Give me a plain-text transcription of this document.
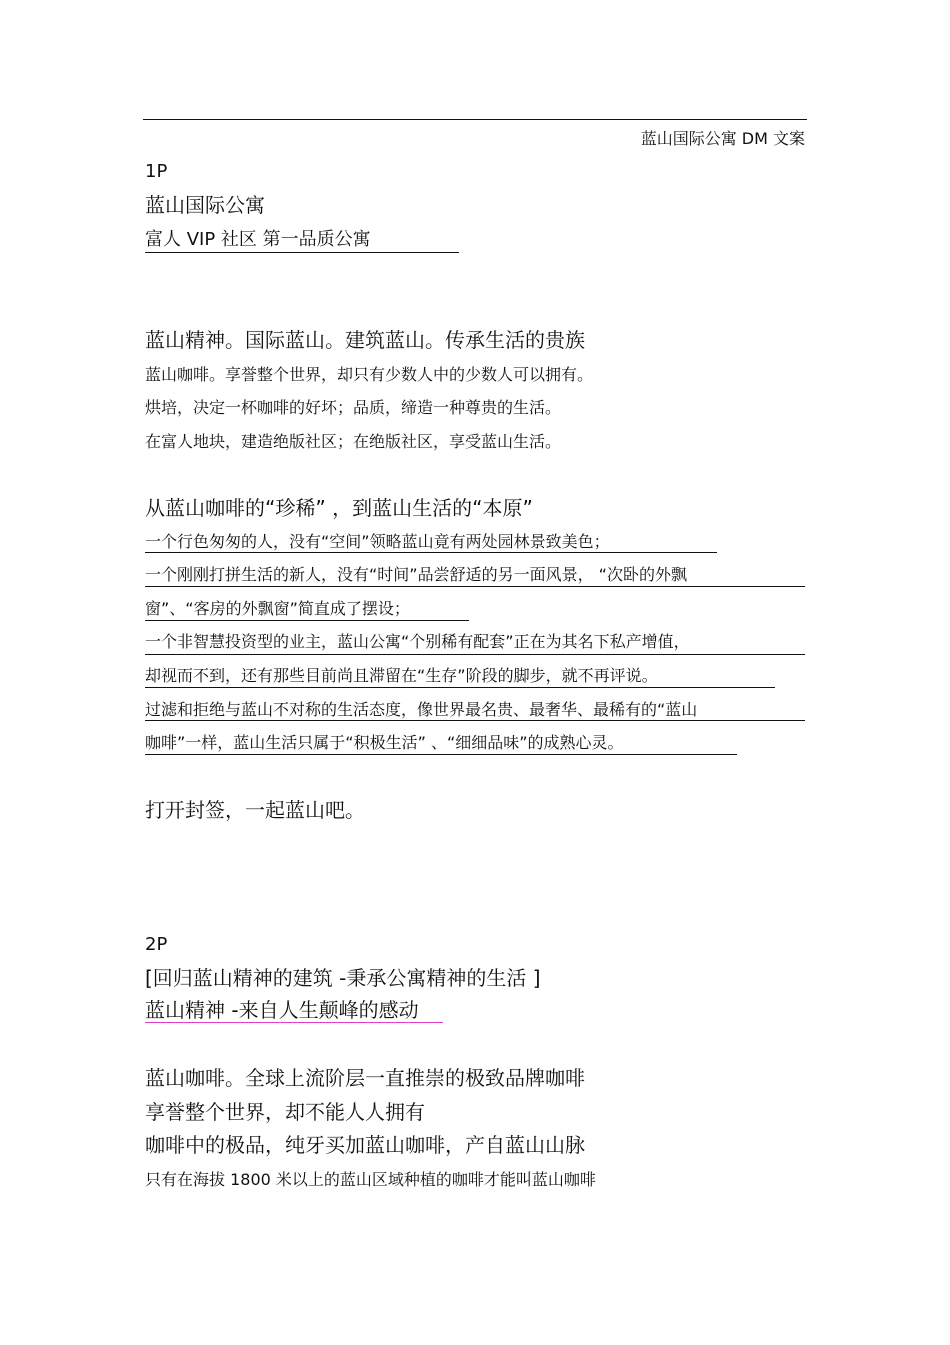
蓝山国际公寓 DM 文案
1P
蓝山国际公寓
富人 VIP 社区 第一品质公寓
蓝山精神。国际蓝山。建筑蓝山。传承生活的贵族
蓝山咖啡。享誉整个世界，却只有少数人中的少数人可以拥有。
烘培，决定一杯咖啡的好坏；品质，缔造一种尊贵的生活。
在富人地块，建造绝版社区；在绝版社区，享受蓝山生活。
从蓝山咖啡的“珍稀” ，到蓝山生活的“本原”
一个行色匆匆的人，没有“空间”领略蓝山竟有两处园林景致美色；
一个刚刚打拼生活的新人，没有“时间”品尝舒适的另一面风景， “次卧的外飘
窗”、“客房的外飘窗”简直成了摆设；
一个非智慧投资型的业主，蓝山公寓“个别稀有配套”正在为其名下私产增值，
却视而不到，还有那些目前尚且滞留在“生存”阶段的脚步，就不再评说。
过滤和拒绝与蓝山不对称的生活态度，像世界最名贵、最奢华、最稀有的“蓝山
咖啡”一样，蓝山生活只属于“积极生活” 、“细细品味”的成熟心灵。
打开封签，一起蓝山吧。
2P
[回归蓝山精神的建筑 -秉承公寓精神的生活 ]
蓝山精神 -来自人生颠峰的感动
蓝山咖啡。全球上流阶层一直推崇的极致品牌咖啡
享誉整个世界，却不能人人拥有
咖啡中的极品，纯牙买加蓝山咖啡，产自蓝山山脉
只有在海拔 1800 米以上的蓝山区域种植的咖啡才能叫蓝山咖啡
